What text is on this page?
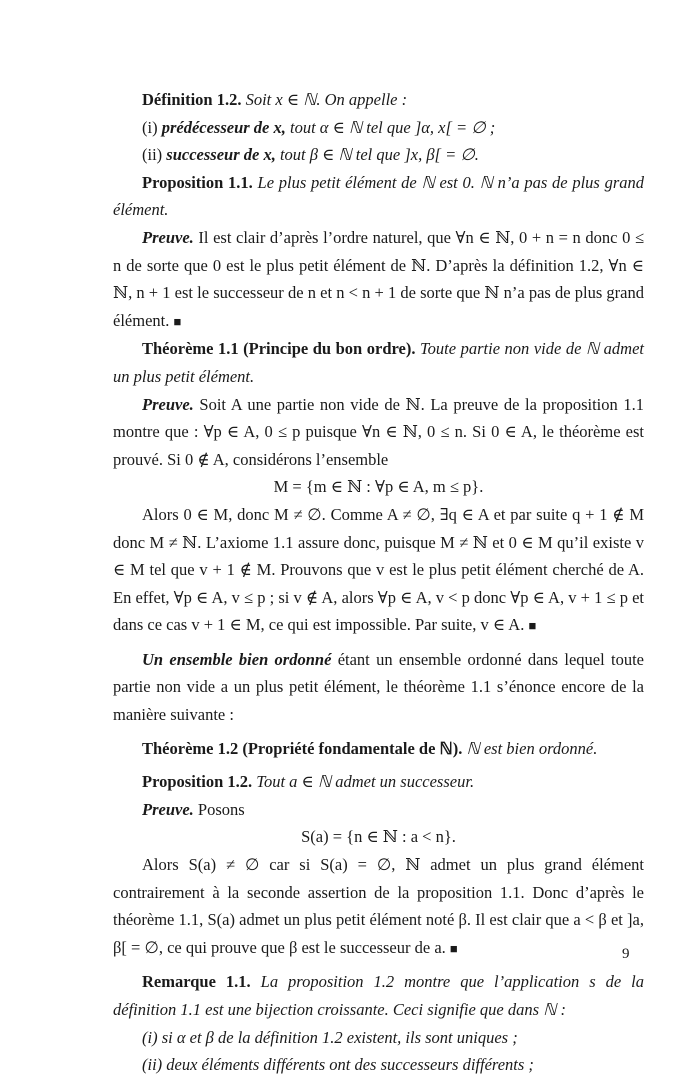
Définition 1.2. Soit x ∈ ℕ. On appelle :

(i) prédécesseur de x, tout α ∈ ℕ tel que ]α, x[ = ∅ ;

(ii) successeur de x, tout β ∈ ℕ tel que ]x, β[ = ∅.

Proposition 1.1. Le plus petit élément de ℕ est 0. ℕ n’a pas de plus grand élément.

Preuve. Il est clair d’après l’ordre naturel, que ∀n ∈ ℕ, 0 + n = n donc 0 ≤ n de sorte que 0 est le plus petit élément de ℕ. D’après la définition 1.2, ∀n ∈ ℕ, n + 1 est le successeur de n et n < n + 1 de sorte que ℕ n’a pas de plus grand élément. ■

Théorème 1.1 (Principe du bon ordre). Toute partie non vide de ℕ admet un plus petit élément.

Preuve. Soit A une partie non vide de ℕ. La preuve de la proposition 1.1 montre que : ∀p ∈ A, 0 ≤ p puisque ∀n ∈ ℕ, 0 ≤ n. Si 0 ∈ A, le théorème est prouvé. Si 0 ∉ A, considérons l’ensemble

M = {m ∈ ℕ : ∀p ∈ A, m ≤ p}.

Alors 0 ∈ M, donc M ≠ ∅. Comme A ≠ ∅, ∃q ∈ A et par suite q + 1 ∉ M donc M ≠ ℕ. L’axiome 1.1 assure donc, puisque M ≠ ℕ et 0 ∈ M qu’il existe v ∈ M tel que v + 1 ∉ M. Prouvons que v est le plus petit élément cherché de A. En effet, ∀p ∈ A, v ≤ p ; si v ∉ A, alors ∀p ∈ A, v < p donc ∀p ∈ A, v + 1 ≤ p et dans ce cas v + 1 ∈ M, ce qui est impossible. Par suite, v ∈ A. ■

Un ensemble bien ordonné étant un ensemble ordonné dans lequel toute partie non vide a un plus petit élément, le théorème 1.1 s’énonce encore de la manière suivante :

Théorème 1.2 (Propriété fondamentale de ℕ). ℕ est bien ordonné.

Proposition 1.2. Tout a ∈ ℕ admet un successeur.

Preuve. Posons

S(a) = {n ∈ ℕ : a < n}.

Alors S(a) ≠ ∅ car si S(a) = ∅, ℕ admet un plus grand élément contrairement à la seconde assertion de la proposition 1.1. Donc d’après le théorème 1.1, S(a) admet un plus petit élément noté β. Il est clair que a < β et ]a, β[ = ∅, ce qui prouve que β est le successeur de a. ■

Remarque 1.1. La proposition 1.2 montre que l’application s de la définition 1.1 est une bijection croissante. Ceci signifie que dans ℕ :

(i) si α et β de la définition 1.2 existent, ils sont uniques ;

(ii) deux éléments différents ont des successeurs différents ;

9
